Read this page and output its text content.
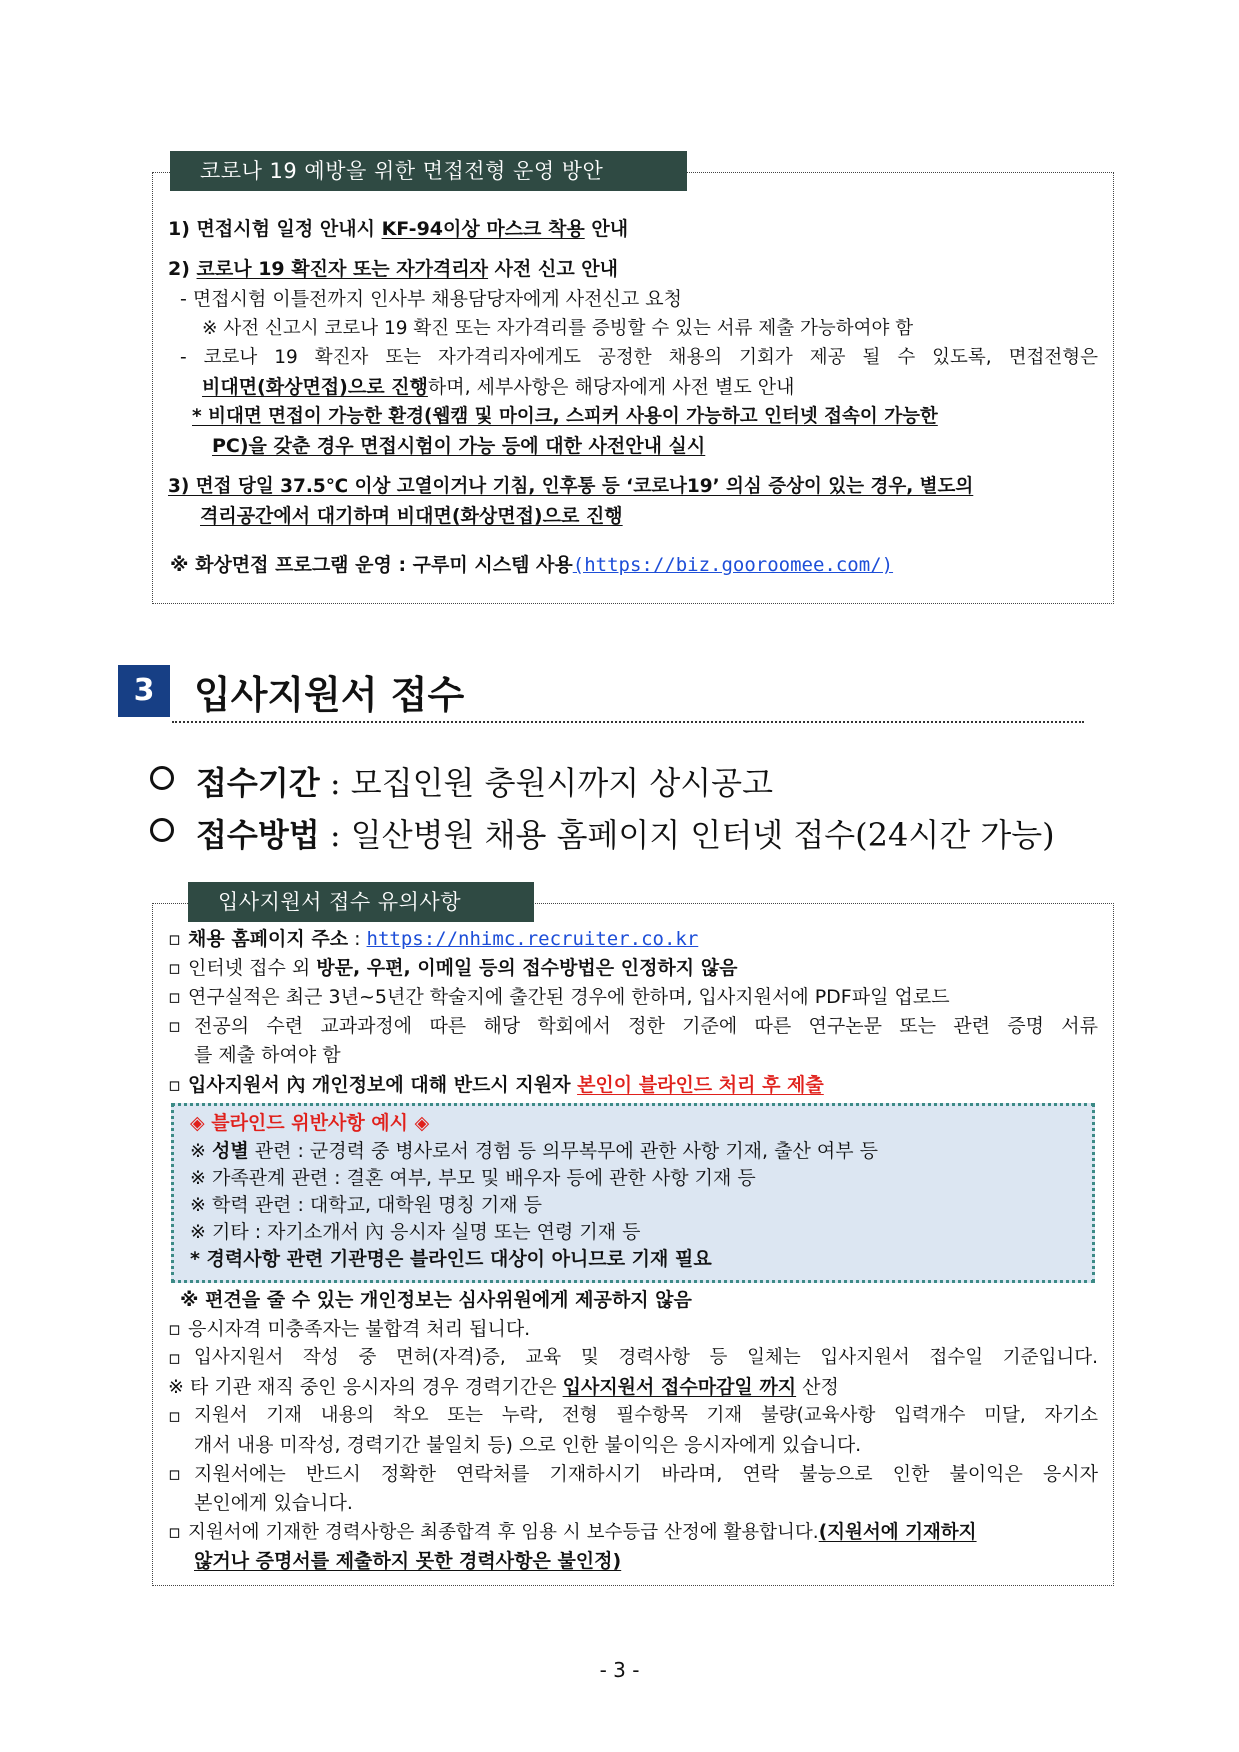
코로나 19 예방을 위한 면접전형 운영 방안
1) 면접시험 일정 안내시 KF-94이상 마스크 착용 안내
2) 코로나 19 확진자 또는 자가격리자 사전 신고 안내
- 면접시험 이틀전까지 인사부 채용담당자에게 사전신고 요청
※ 사전 신고시 코로나 19 확진 또는 자가격리를 증빙할 수 있는 서류 제출 가능하여야 함
- 코로나 19 확진자 또는 자가격리자에게도 공정한 채용의 기회가 제공 될 수 있도록, 면접전형은
비대면(화상면접)으로 진행하며, 세부사항은 해당자에게 사전 별도 안내
* 비대면 면접이 가능한 환경(웹캠 및 마이크, 스피커 사용이 가능하고 인터넷 접속이 가능한
PC)을 갖춘 경우 면접시험이 가능 등에 대한 사전안내 실시
3) 면접 당일 37.5℃ 이상 고열이거나 기침, 인후통 등 ‘코로나19’ 의심 증상이 있는 경우, 별도의
격리공간에서 대기하며 비대면(화상면접)으로 진행
※ 화상면접 프로그램 운영 : 구루미 시스템 사용(https://biz.gooroomee.com/)
3	입사지원서 접수
접수기간 : 모집인원 충원시까지 상시공고
접수방법 : 일산병원 채용 홈페이지 인터넷 접수(24시간 가능)
입사지원서 접수 유의사항
▫ 채용 홈페이지 주소 : https://nhimc.recruiter.co.kr
▫ 인터넷 접수 외 방문, 우편, 이메일 등의 접수방법은 인정하지 않음
▫ 연구실적은 최근 3년~5년간 학술지에 출간된 경우에 한하며, 입사지원서에 PDF파일 업로드
▫ 전공의 수련 교과과정에 따른 해당 학회에서 정한 기준에 따른 연구논문 또는 관련 증명 서류
를 제출 하여야 함
▫ 입사지원서 內 개인정보에 대해 반드시 지원자 본인이 블라인드 처리 후 제출
◈ 블라인드 위반사항 예시 ◈
※ 성별 관련 : 군경력 중 병사로서 경험 등 의무복무에 관한 사항 기재, 출산 여부 등
※ 가족관계 관련 : 결혼 여부, 부모 및 배우자 등에 관한 사항 기재 등
※ 학력 관련 : 대학교, 대학원 명칭 기재 등
※ 기타 : 자기소개서 內 응시자 실명 또는 연령 기재 등
* 경력사항 관련 기관명은 블라인드 대상이 아니므로 기재 필요
※ 편견을 줄 수 있는 개인정보는 심사위원에게 제공하지 않음
▫ 응시자격 미충족자는 불합격 처리 됩니다.
▫ 입사지원서 작성 중 면허(자격)증, 교육 및 경력사항 등 일체는 입사지원서 접수일 기준입니다.
※ 타 기관 재직 중인 응시자의 경우 경력기간은 입사지원서 접수마감일 까지 산정
▫ 지원서 기재 내용의 착오 또는 누락, 전형 필수항목 기재 불량(교육사항 입력개수 미달, 자기소
개서 내용 미작성, 경력기간 불일치 등) 으로 인한 불이익은 응시자에게 있습니다.
▫ 지원서에는 반드시 정확한 연락처를 기재하시기 바라며, 연락 불능으로 인한 불이익은 응시자
본인에게 있습니다.
▫ 지원서에 기재한 경력사항은 최종합격 후 임용 시 보수등급 산정에 활용합니다.(지원서에 기재하지
않거나 증명서를 제출하지 못한 경력사항은 불인정)
- 3 -
